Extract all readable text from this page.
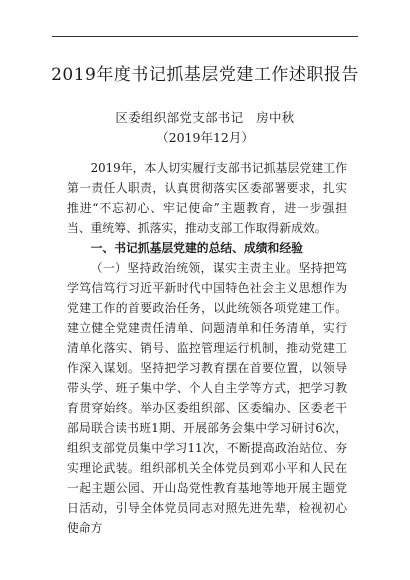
2019年度书记抓基层党建工作述职报告
区委组织部党支部书记　房中秋
（2019年12月）

2019年，本人切实履行支部书记抓基层党建工作第一责任人职责，认真贯彻落实区委部署要求，扎实推进“不忘初心、牢记使命”主题教育，进一步强担当、重统筹、抓落实，推动支部工作取得新成效。

一、书记抓基层党建的总结、成绩和经验

（一）坚持政治统领，谋实主责主业。坚持把笃学笃信笃行习近平新时代中国特色社会主义思想作为党建工作的首要政治任务，以此统领各项党建工作。建立健全党建责任清单、问题清单和任务清单，实行清单化落实、销号、监控管理运行机制，推动党建工作深入谋划。坚持把学习教育摆在首要位置，以领导带头学、班子集中学、个人自主学等方式，把学习教育贯穿始终。举办区委组织部、区委编办、区委老干部局联合读书班1期、开展部务会集中学习研讨6次，组织支部党员集中学习11次，不断提高政治站位、夯实理论武装。组织部机关全体党员到邓小平和人民在一起主题公园、开山岛党性教育基地等地开展主题党日活动，引导全体党员同志对照先进先辈，检视初心使命方
